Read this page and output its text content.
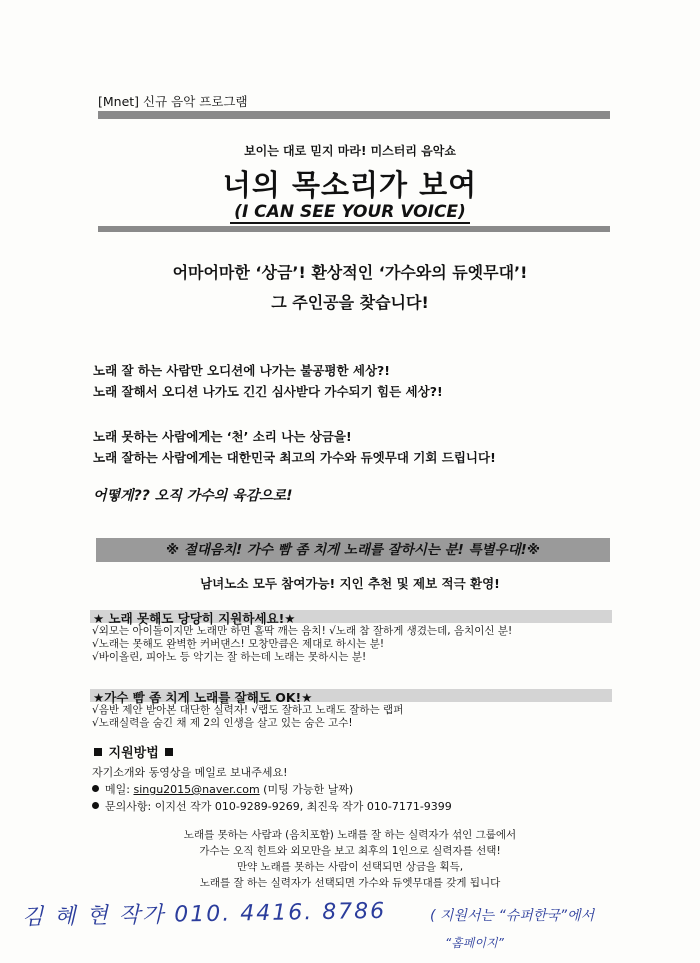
[Mnet] 신규 음악 프로그램
보이는 대로 믿지 마라! 미스터리 음악쇼
너의 목소리가 보여
(I CAN SEE YOUR VOICE)
어마어마한 ‘상금’! 환상적인 ‘가수와의 듀엣무대’!
그 주인공을 찾습니다!
노래 잘 하는 사람만 오디션에 나가는 불공평한 세상?!
노래 잘해서 오디션 나가도 긴긴 심사받다 가수되기 힘든 세상?!
노래 못하는 사람에게는 ‘천’ 소리 나는 상금을!
노래 잘하는 사람에게는 대한민국 최고의 가수와 듀엣무대 기회 드립니다!
어떻게?? 오직 가수의 육감으로!
※ 절대음치! 가수 빰 좀 치게 노래를 잘하시는 분! 특별우대!※
남녀노소 모두 참여가능! 지인 추천 및 제보 적극 환영!
★ 노래 못해도 당당히 지원하세요!★
√외모는 아이돌이지만 노래만 하면 홀딱 깨는 음치! √노래 참 잘하게 생겼는데, 음치이신 분!
√노래는 못해도 완벽한 커버댄스! 모창만큼은 제대로 하시는 분!
√바이올린, 피아노 등 악기는 잘 하는데 노래는 못하시는 분!
★가수 빰 좀 치게 노래를 잘해도 OK!★
√음반 제안 받아본 대단한 실력자! √랩도 잘하고 노래도 잘하는 랩퍼
√노래실력을 숨긴 채 제 2의 인생을 살고 있는 숨은 고수!
지원방법
자기소개와 동영상을 메일로 보내주세요!
메일: singu2015@naver.com (미팅 가능한 날짜)
문의사항: 이지선 작가 010-9289-9269, 최진욱 작가 010-7171-9399
노래를 못하는 사람과 (음치포함) 노래를 잘 하는 실력자가 섞인 그룹에서
가수는 오직 힌트와 외모만을 보고 최후의 1인으로 실력자를 선택!
만약 노래를 못하는 사람이 선택되면 상금을 획득,
노래를 잘 하는 실력자가 선택되면 가수와 듀엣무대를 갖게 됩니다
김 혜 현 작가 010. 4416. 8786	( 지원서는 “슈퍼한국”에서
“홈페이지”
